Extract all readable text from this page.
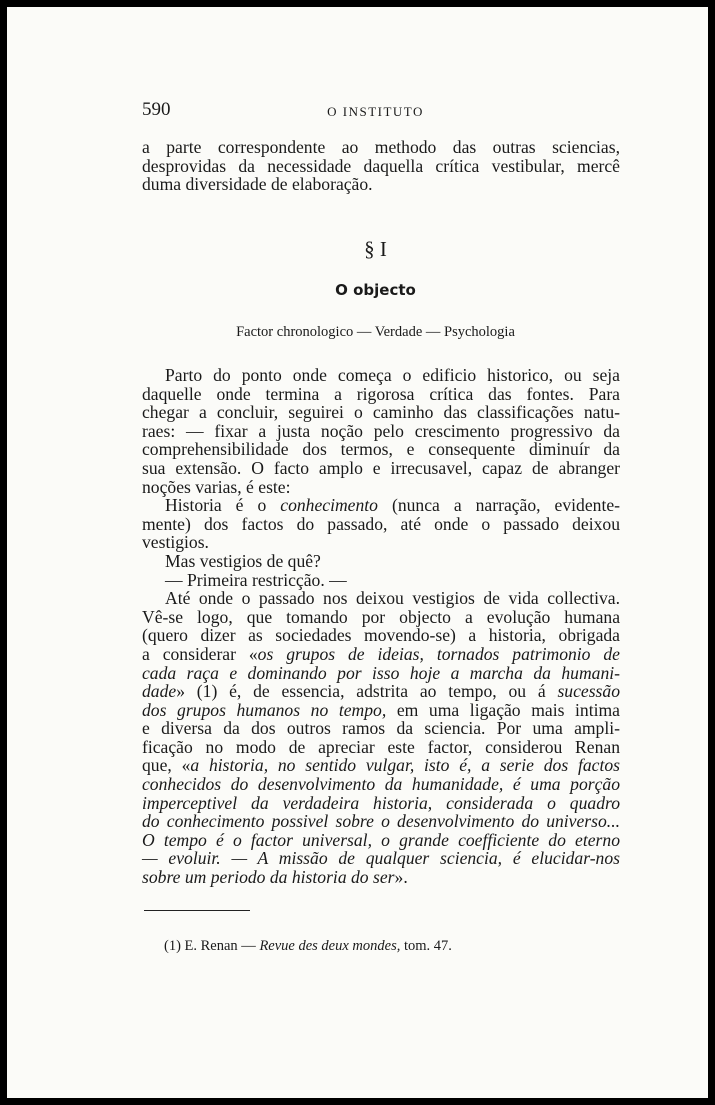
590	O INSTITUTO
a parte correspondente ao methodo das outras sciencias,
desprovidas da necessidade daquella crítica vestibular, mercê
duma diversidade de elaboração.
§ I
O objecto
Factor chronologico — Verdade — Psychologia
Parto do ponto onde começa o edificio historico, ou seja
daquelle onde termina a rigorosa crítica das fontes. Para
chegar a concluir, seguirei o caminho das classificações natu-
raes: — fixar a justa noção pelo crescimento progressivo da
comprehensibilidade dos termos, e consequente diminuír da
sua extensão. O facto amplo e irrecusavel, capaz de abranger
noções varias, é este:
Historia é o conhecimento (nunca a narração, evidente-
mente) dos factos do passado, até onde o passado deixou
vestigios.
Mas vestigios de quê?
— Primeira restricção. —
Até onde o passado nos deixou vestigios de vida collectiva.
Vê-se logo, que tomando por objecto a evolução humana
(quero dizer as sociedades movendo-se) a historia, obrigada
a considerar «os grupos de ideias, tornados patrimonio de
cada raça e dominando por isso hoje a marcha da humani-
dade» (1) é, de essencia, adstrita ao tempo, ou á sucessão
dos grupos humanos no tempo, em uma ligação mais intima
e diversa da dos outros ramos da sciencia. Por uma ampli-
ficação no modo de apreciar este factor, considerou Renan
que, «a historia, no sentido vulgar, isto é, a serie dos factos
conhecidos do desenvolvimento da humanidade, é uma porção
imperceptivel da verdadeira historia, considerada o quadro
do conhecimento possivel sobre o desenvolvimento do universo...
O tempo é o factor universal, o grande coefficiente do eterno
— evoluir. — A missão de qualquer sciencia, é elucidar-nos
sobre um periodo da historia do ser».
(1) E. Renan — Revue des deux mondes, tom. 47.
